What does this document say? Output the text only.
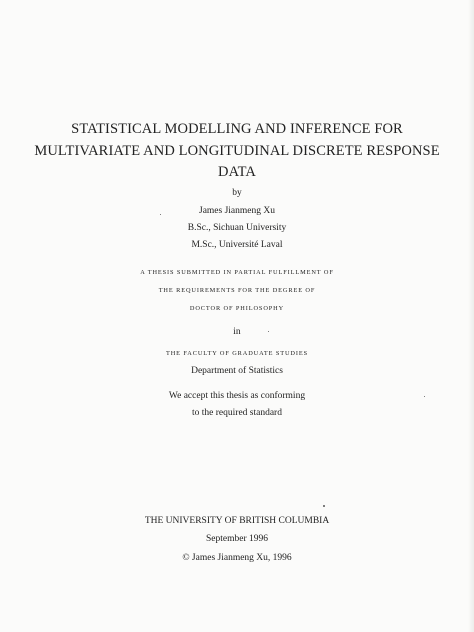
STATISTICAL MODELLING AND INFERENCE FOR
MULTIVARIATE AND LONGITUDINAL DISCRETE RESPONSE
DATA
by
James Jianmeng Xu
B.Sc., Sichuan University
M.Sc., Université Laval
A THESIS SUBMITTED IN PARTIAL FULFILLMENT OF
THE REQUIREMENTS FOR THE DEGREE OF
DOCTOR OF PHILOSOPHY
in
THE FACULTY OF GRADUATE STUDIES
Department of Statistics
We accept this thesis as conforming
to the required standard
THE UNIVERSITY OF BRITISH COLUMBIA
September 1996
© James Jianmeng Xu, 1996
